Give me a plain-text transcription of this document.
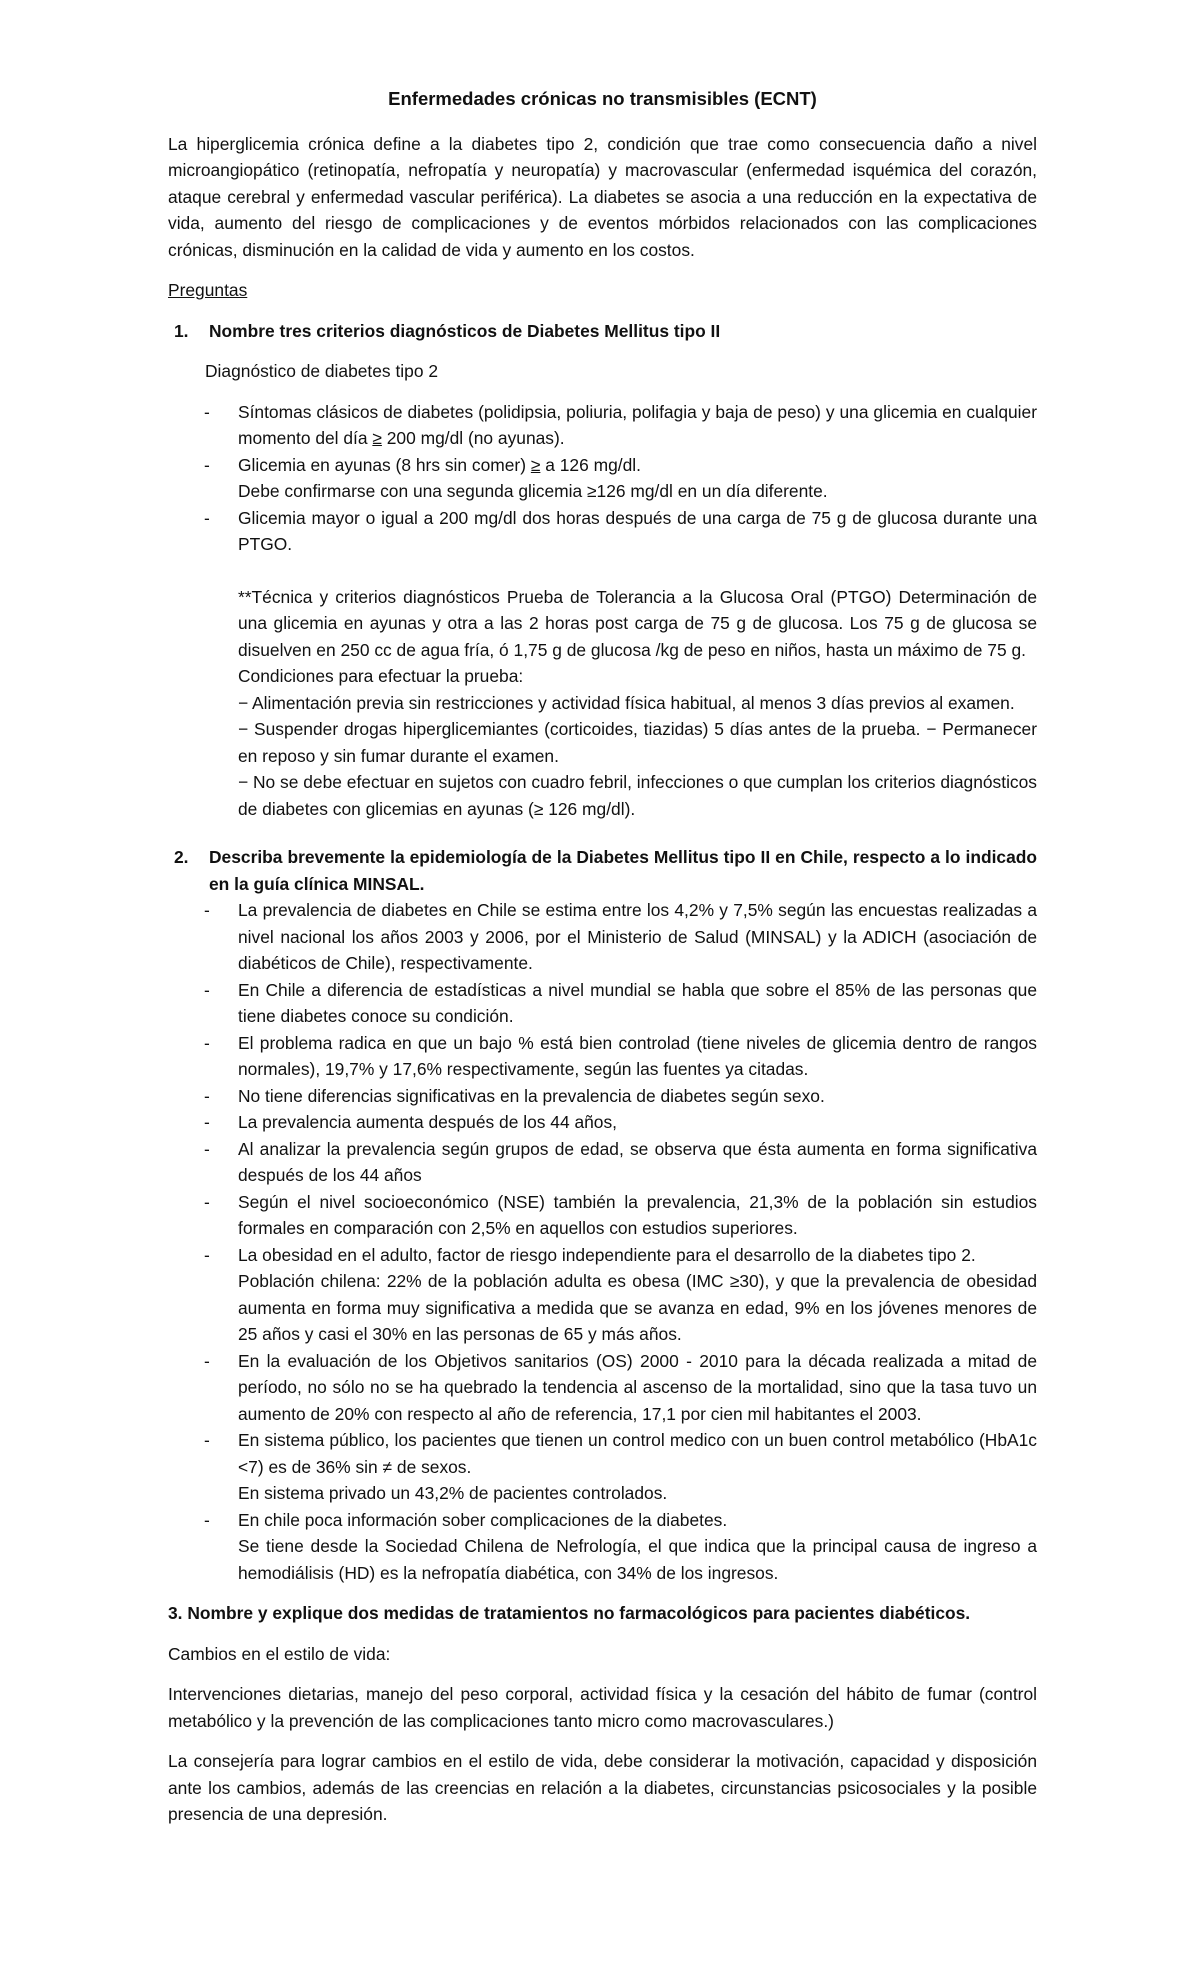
Enfermedades crónicas no transmisibles (ECNT)

La hiperglicemia crónica define a la diabetes tipo 2, condición que trae como consecuencia daño a nivel microangiopático (retinopatía, nefropatía y neuropatía) y macrovascular (enfermedad isquémica del corazón, ataque cerebral y enfermedad vascular periférica). La diabetes se asocia a una reducción en la expectativa de vida, aumento del riesgo de complicaciones y de eventos mórbidos relacionados con las complicaciones crónicas, disminución en la calidad de vida y aumento en los costos.

Preguntas

1.	Nombre tres criterios diagnósticos de Diabetes Mellitus tipo II

Diagnóstico de diabetes tipo 2

-	Síntomas clásicos de diabetes (polidipsia, poliuria, polifagia y baja de peso) y una glicemia en cualquier momento del día ≥ 200 mg/dl (no ayunas).
-	Glicemia en ayunas (8 hrs sin comer) ≥ a 126 mg/dl.
Debe confirmarse con una segunda glicemia ≥126 mg/dl en un día diferente.
-	Glicemia mayor o igual a 200 mg/dl dos horas después de una carga de 75 g de glucosa durante una PTGO.

**Técnica y criterios diagnósticos Prueba de Tolerancia a la Glucosa Oral (PTGO) Determinación de una glicemia en ayunas y otra a las 2 horas post carga de 75 g de glucosa. Los 75 g de glucosa se disuelven en 250 cc de agua fría, ó 1,75 g de glucosa /kg de peso en niños, hasta un máximo de 75 g.

Condiciones para efectuar la prueba:

− Alimentación previa sin restricciones y actividad física habitual, al menos 3 días previos al examen.

− Suspender drogas hiperglicemiantes (corticoides, tiazidas) 5 días antes de la prueba. − Permanecer en reposo y sin fumar durante el examen.

− No se debe efectuar en sujetos con cuadro febril, infecciones o que cumplan los criterios diagnósticos de diabetes con glicemias en ayunas (≥ 126 mg/dl).

2.	Describa brevemente la epidemiología de la Diabetes Mellitus tipo II en Chile, respecto a lo indicado en la guía clínica MINSAL.
-	La prevalencia de diabetes en Chile se estima entre los 4,2% y 7,5% según las encuestas realizadas a nivel nacional los años 2003 y 2006, por el Ministerio de Salud (MINSAL) y la ADICH (asociación de diabéticos de Chile), respectivamente.
-	En Chile a diferencia de estadísticas a nivel mundial se habla que sobre el 85% de las personas que tiene diabetes conoce su condición.
-	El problema radica en que un bajo % está bien controlad (tiene niveles de glicemia dentro de rangos normales), 19,7% y 17,6% respectivamente, según las fuentes ya citadas.
-	No tiene diferencias significativas en la prevalencia de diabetes según sexo.
-	La prevalencia aumenta después de los 44 años,
-	Al analizar la prevalencia según grupos de edad, se observa que ésta aumenta en forma significativa después de los 44 años
-	Según el nivel socioeconómico (NSE) también la prevalencia, 21,3% de la población sin estudios formales en comparación con 2,5% en aquellos con estudios superiores.
-	La obesidad en el adulto, factor de riesgo independiente para el desarrollo de la diabetes tipo 2.
Población chilena: 22% de la población adulta es obesa (IMC ≥30), y que la prevalencia de obesidad aumenta en forma muy significativa a medida que se avanza en edad, 9% en los jóvenes menores de 25 años y casi el 30% en las personas de 65 y más años.
-	En la evaluación de los Objetivos sanitarios (OS) 2000 - 2010 para la década realizada a mitad de período, no sólo no se ha quebrado la tendencia al ascenso de la mortalidad, sino que la tasa tuvo un aumento de 20% con respecto al año de referencia, 17,1 por cien mil habitantes el 2003.
-	En sistema público, los pacientes que tienen un control medico con un buen control metabólico (HbA1c <7) es de 36% sin ≠ de sexos.
En sistema privado un 43,2% de pacientes controlados.
-	En chile poca información sober complicaciones de la diabetes.
Se tiene desde la Sociedad Chilena de Nefrología, el que indica que la principal causa de ingreso a hemodiálisis (HD) es la nefropatía diabética, con 34% de los ingresos.

3. Nombre y explique dos medidas de tratamientos no farmacológicos para pacientes diabéticos.

Cambios en el estilo de vida:

Intervenciones dietarias, manejo del peso corporal, actividad física y la cesación del hábito de fumar (control metabólico y la prevención de las complicaciones tanto micro como macrovasculares.)

La consejería para lograr cambios en el estilo de vida, debe considerar la motivación, capacidad y disposición ante los cambios, además de las creencias en relación a la diabetes, circunstancias psicosociales y la posible presencia de una depresión.
